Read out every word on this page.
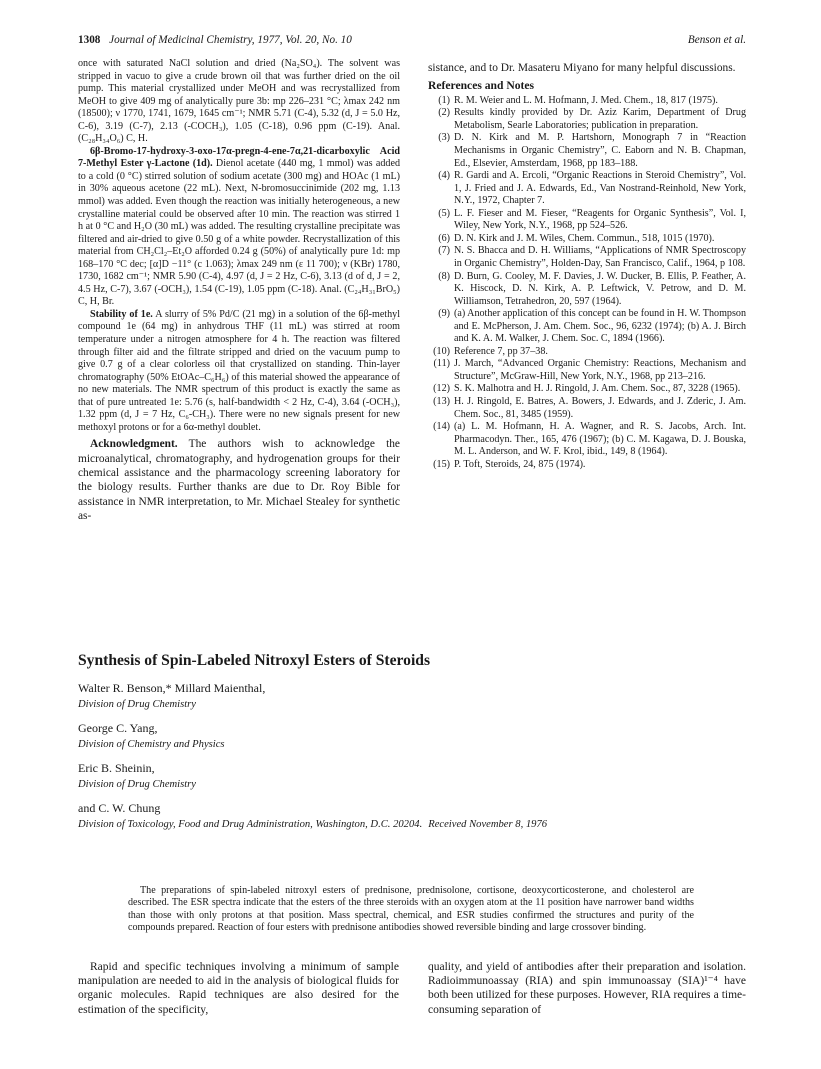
1308 Journal of Medicinal Chemistry, 1977, Vol. 20, No. 10	Benson et al.

once with saturated NaCl solution and dried (Na₂SO₄). The solvent was stripped in vacuo to give a crude brown oil that was further dried on the oil pump. This material crystallized under MeOH and was recrystallized from MeOH to give 409 mg of analytically pure 3b: mp 226–231 °C; λmax 242 nm (18500); ν 1770, 1741, 1679, 1645 cm⁻¹; NMR 5.71 (C-4), 5.32 (d, J = 5.0 Hz, C-6), 3.19 (C-7), 2.13 (-COCH₃), 1.05 (C-18), 0.96 ppm (C-19). Anal. (C₂₈H₃₄O₆) C, H.

6β-Bromo-17-hydroxy-3-oxo-17α-pregn-4-ene-7α,21-dicarboxylic Acid 7-Methyl Ester γ-Lactone (1d). Dienol acetate (440 mg, 1 mmol) was added to a cold (0 °C) stirred solution of sodium acetate (300 mg) and HOAc (1 mL) in 30% aqueous acetone (22 mL). Next, N-bromosuccinimide (202 mg, 1.13 mmol) was added. Even though the reaction was initially heterogeneous, a new crystalline material could be observed after 10 min. The reaction was stirred 1 h at 0 °C and H₂O (30 mL) was added. The resulting crystalline precipitate was filtered and air-dried to give 0.50 g of a white powder. Recrystallization of this material from CH₂Cl₂–Et₂O afforded 0.24 g (50%) of analytically pure 1d: mp 168–170 °C dec; [α]D −11° (c 1.063); λmax 249 nm (ε 11 700); ν (KBr) 1780, 1730, 1682 cm⁻¹; NMR 5.90 (C-4), 4.97 (d, J = 2 Hz, C-6), 3.13 (d of d, J = 2, 4.5 Hz, C-7), 3.67 (-OCH₃), 1.54 (C-19), 1.05 ppm (C-18). Anal. (C₂₄H₃₁BrO₅) C, H, Br.

Stability of 1e. A slurry of 5% Pd/C (21 mg) in a solution of the 6β-methyl compound 1e (64 mg) in anhydrous THF (11 mL) was stirred at room temperature under a nitrogen atmosphere for 4 h. The reaction was filtered through filter aid and the filtrate stripped and dried on the vacuum pump to give 0.7 g of a clear colorless oil that crystallized on standing. Thin-layer chromatography (50% EtOAc–C₆H₆) of this material showed the appearance of no new materials. The NMR spectrum of this product is exactly the same as that of pure untreated 1e: 5.76 (s, half-bandwidth < 2 Hz, C-4), 3.64 (-OCH₃), 1.32 ppm (d, J = 7 Hz, C₆-CH₃). There were no new signals present for new methoxyl protons or for a 6α-methyl doublet.

Acknowledgment. The authors wish to acknowledge the microanalytical, chromatography, and hydrogenation groups for their chemical assistance and the pharmacology screening laboratory for the biology results. Further thanks are due to Dr. Roy Bible for assistance in NMR interpretation, to Mr. Michael Stealey for synthetic as-

sistance, and to Dr. Masateru Miyano for many helpful discussions.

References and Notes

(1) R. M. Weier and L. M. Hofmann, J. Med. Chem., 18, 817 (1975).
(2) Results kindly provided by Dr. Aziz Karim, Department of Drug Metabolism, Searle Laboratories; publication in preparation.
(3) D. N. Kirk and M. P. Hartshorn, Monograph 7 in “Reaction Mechanisms in Organic Chemistry”, C. Eaborn and N. B. Chapman, Ed., Elsevier, Amsterdam, 1968, pp 183–188.
(4) R. Gardi and A. Ercoli, “Organic Reactions in Steroid Chemistry”, Vol. 1, J. Fried and J. A. Edwards, Ed., Van Nostrand-Reinhold, New York, N.Y., 1972, Chapter 7.
(5) L. F. Fieser and M. Fieser, “Reagents for Organic Synthesis”, Vol. I, Wiley, New York, N.Y., 1968, pp 524–526.
(6) D. N. Kirk and J. M. Wiles, Chem. Commun., 518, 1015 (1970).
(7) N. S. Bhacca and D. H. Williams, “Applications of NMR Spectroscopy in Organic Chemistry”, Holden-Day, San Francisco, Calif., 1964, p 108.
(8) D. Burn, G. Cooley, M. F. Davies, J. W. Ducker, B. Ellis, P. Feather, A. K. Hiscock, D. N. Kirk, A. P. Leftwick, V. Petrow, and D. M. Williamson, Tetrahedron, 20, 597 (1964).
(9) (a) Another application of this concept can be found in H. W. Thompson and E. McPherson, J. Am. Chem. Soc., 96, 6232 (1974); (b) A. J. Birch and K. A. M. Walker, J. Chem. Soc. C, 1894 (1966).
(10) Reference 7, pp 37–38.
(11) J. March, “Advanced Organic Chemistry: Reactions, Mechanism and Structure”, McGraw-Hill, New York, N.Y., 1968, pp 213–216.
(12) S. K. Malhotra and H. J. Ringold, J. Am. Chem. Soc., 87, 3228 (1965).
(13) H. J. Ringold, E. Batres, A. Bowers, J. Edwards, and J. Zderic, J. Am. Chem. Soc., 81, 3485 (1959).
(14) (a) L. M. Hofmann, H. A. Wagner, and R. S. Jacobs, Arch. Int. Pharmacodyn. Ther., 165, 476 (1967); (b) C. M. Kagawa, D. J. Bouska, M. L. Anderson, and W. F. Krol, ibid., 149, 8 (1964).
(15) P. Toft, Steroids, 24, 875 (1974).
Synthesis of Spin-Labeled Nitroxyl Esters of Steroids
Walter R. Benson,* Millard Maienthal,
Division of Drug Chemistry
George C. Yang,
Division of Chemistry and Physics
Eric B. Sheinin,
Division of Drug Chemistry
and C. W. Chung
Division of Toxicology, Food and Drug Administration, Washington, D.C. 20204. Received November 8, 1976
The preparations of spin-labeled nitroxyl esters of prednisone, prednisolone, cortisone, deoxycorticosterone, and cholesterol are described. The ESR spectra indicate that the esters of the three steroids with an oxygen atom at the 11 position have narrower band widths than those with only protons at that position. Mass spectral, chemical, and ESR studies confirmed the structures and purity of the compounds prepared. Reaction of four esters with prednisone antibodies showed reversible binding and large crossover binding.
Rapid and specific techniques involving a minimum of sample manipulation are needed to aid in the analysis of biological fluids for organic molecules. Rapid techniques are also desired for the estimation of the specificity,
quality, and yield of antibodies after their preparation and isolation. Radioimmunoassay (RIA) and spin immunoassay (SIA)¹⁻⁴ have both been utilized for these purposes. However, RIA requires a time-consuming separation of
